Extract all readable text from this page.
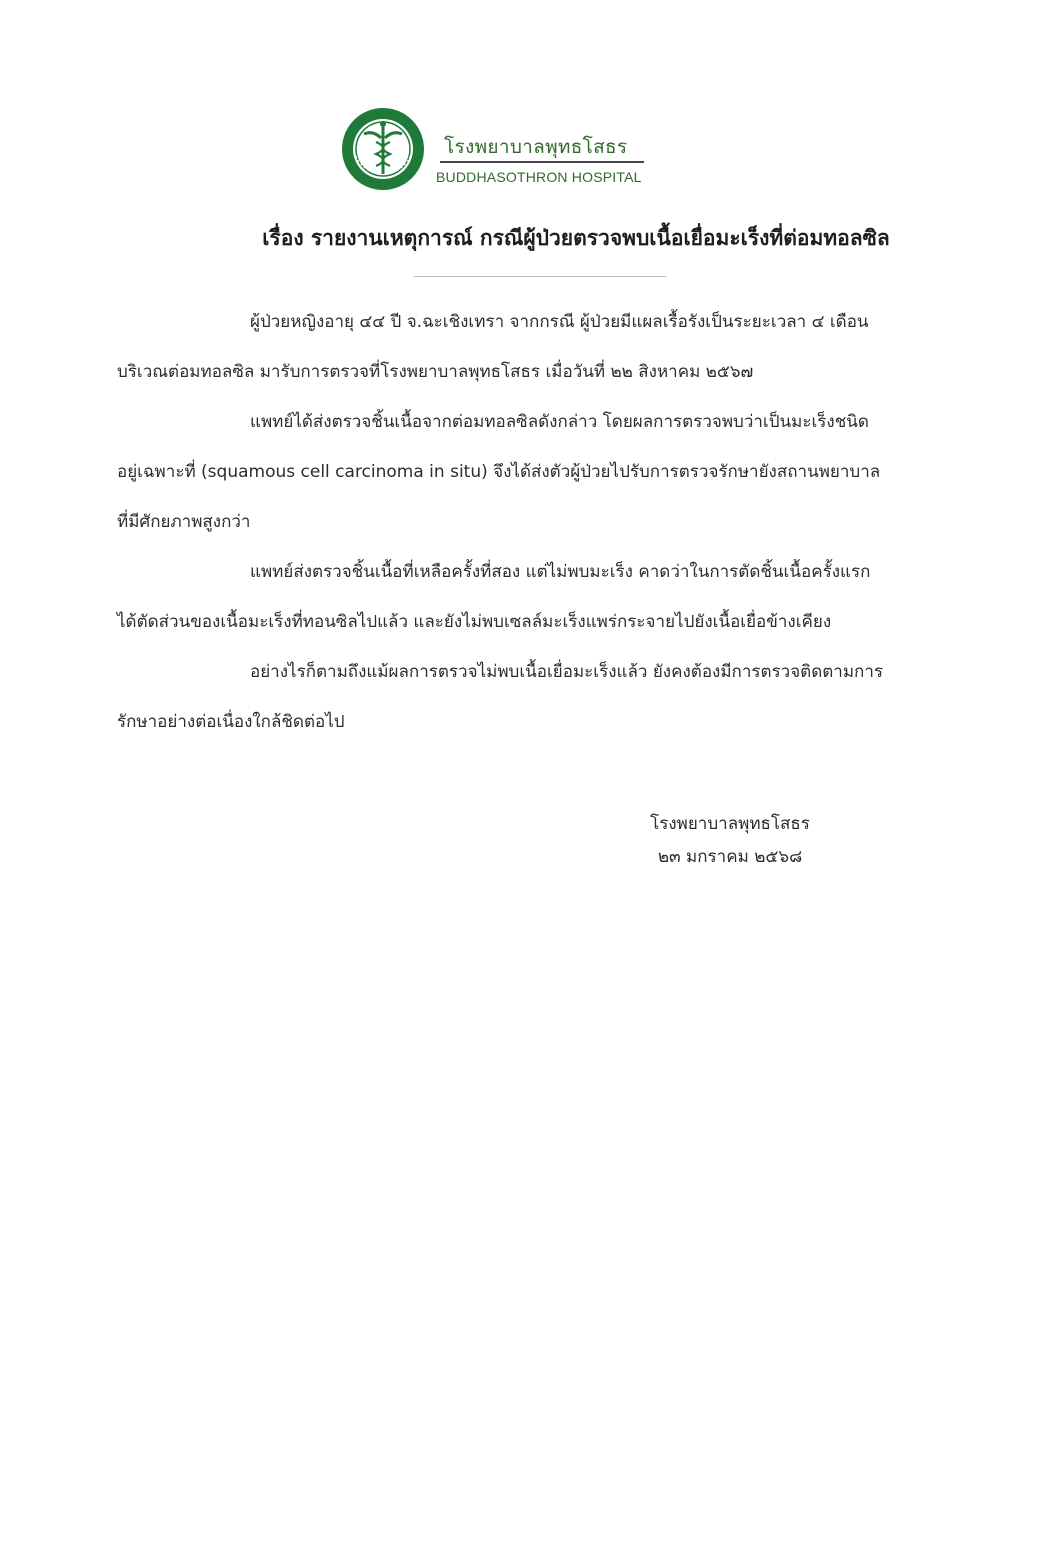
โรงพยาบาลพุทธโสธร
BUDDHASOTHRON HOSPITAL
เรื่อง รายงานเหตุการณ์ กรณีผู้ป่วยตรวจพบเนื้อเยื่อมะเร็งที่ต่อมทอลซิล
ผู้ป่วยหญิงอายุ ๔๔ ปี จ.ฉะเชิงเทรา จากกรณี ผู้ป่วยมีแผลเรื้อรังเป็นระยะเวลา ๔ เดือน
บริเวณต่อมทอลซิล มารับการตรวจที่โรงพยาบาลพุทธโสธร เมื่อวันที่ ๒๒ สิงหาคม ๒๕๖๗
แพทย์ได้ส่งตรวจชิ้นเนื้อจากต่อมทอลซิลดังกล่าว โดยผลการตรวจพบว่าเป็นมะเร็งชนิด
อยู่เฉพาะที่ (squamous cell carcinoma in situ) จึงได้ส่งตัวผู้ป่วยไปรับการตรวจรักษายังสถานพยาบาล
ที่มีศักยภาพสูงกว่า
แพทย์ส่งตรวจชิ้นเนื้อที่เหลือครั้งที่สอง แต่ไม่พบมะเร็ง คาดว่าในการตัดชิ้นเนื้อครั้งแรก
ได้ตัดส่วนของเนื้อมะเร็งที่ทอนซิลไปแล้ว และยังไม่พบเซลล์มะเร็งแพร่กระจายไปยังเนื้อเยื่อข้างเคียง
อย่างไรก็ตามถึงแม้ผลการตรวจไม่พบเนื้อเยื่อมะเร็งแล้ว ยังคงต้องมีการตรวจติดตามการ
รักษาอย่างต่อเนื่องใกล้ชิดต่อไป
โรงพยาบาลพุทธโสธร
๒๓ มกราคม ๒๕๖๘
